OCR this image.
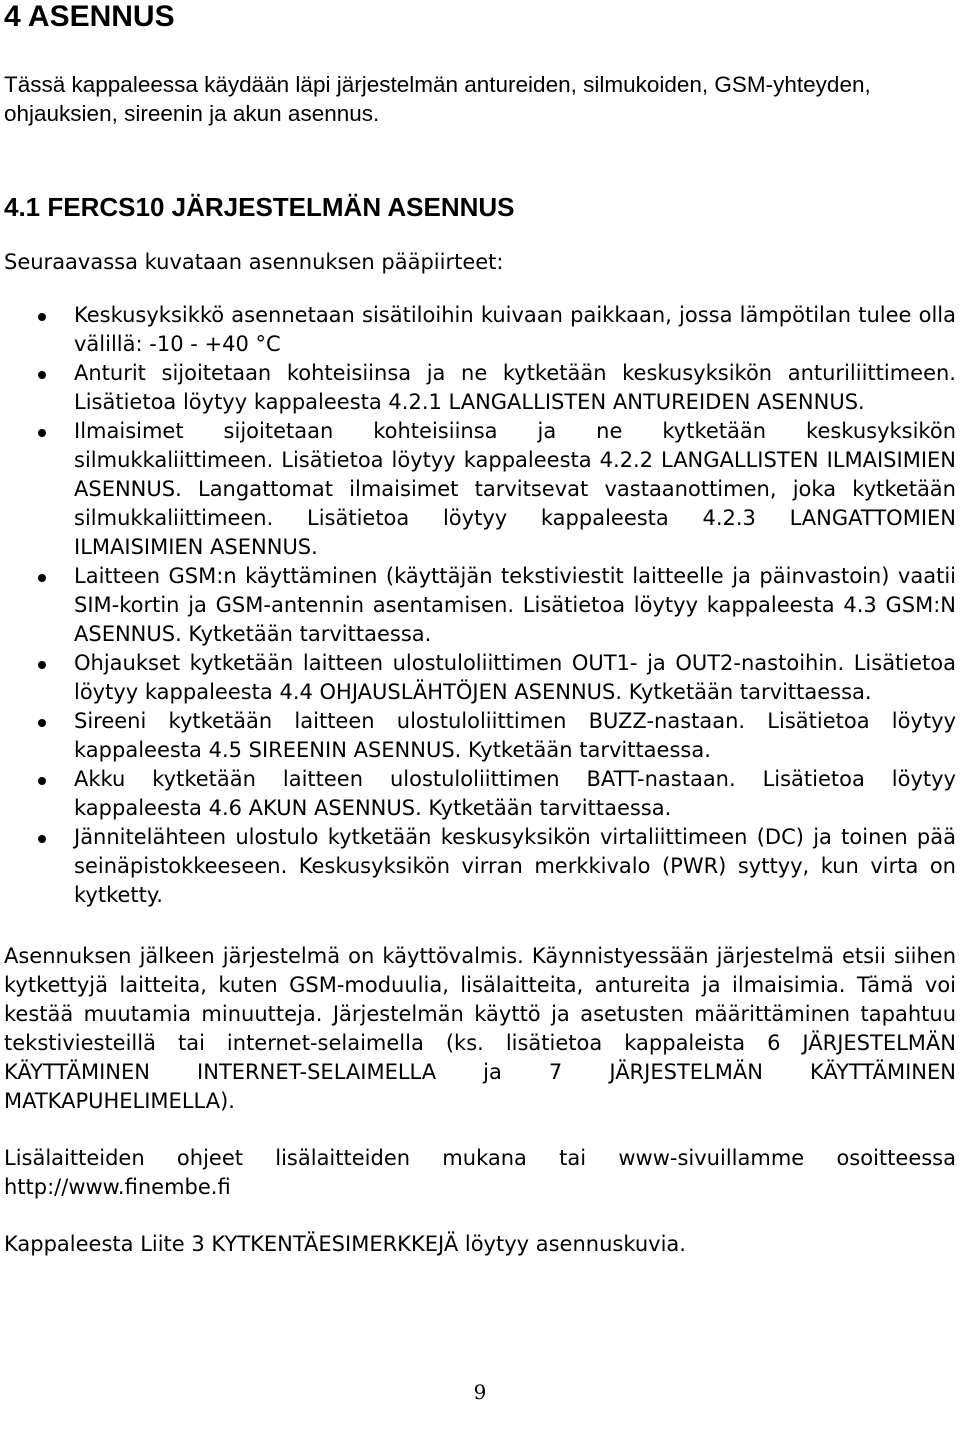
4 ASENNUS

Tässä kappaleessa käydään läpi järjestelmän antureiden, silmukoiden, GSM-yhteyden, ohjauksien, sireenin ja akun asennus.

4.1 FERCS10 JÄRJESTELMÄN ASENNUS

Seuraavassa kuvataan asennuksen pääpiirteet:

Keskusyksikkö asennetaan sisätiloihin kuivaan paikkaan, jossa lämpötilan tulee olla välillä: -10 - +40 °C
Anturit sijoitetaan kohteisiinsa ja ne kytketään keskusyksikön anturiliittimeen. Lisätietoa löytyy kappaleesta 4.2.1 LANGALLISTEN ANTUREIDEN ASENNUS.
Ilmaisimet sijoitetaan kohteisiinsa ja ne kytketään keskusyksikön silmukkaliittimeen. Lisätietoa löytyy kappaleesta 4.2.2 LANGALLISTEN ILMAISIMIEN ASENNUS. Langattomat ilmaisimet tarvitsevat vastaanottimen, joka kytketään silmukkaliittimeen. Lisätietoa löytyy kappaleesta 4.2.3 LANGATTOMIEN ILMAISIMIEN ASENNUS.
Laitteen GSM:n käyttäminen (käyttäjän tekstiviestit laitteelle ja päinvastoin) vaatii SIM-kortin ja GSM-antennin asentamisen. Lisätietoa löytyy kappaleesta 4.3 GSM:N ASENNUS. Kytketään tarvittaessa.
Ohjaukset kytketään laitteen ulostuloliittimen OUT1- ja OUT2-nastoihin. Lisätietoa löytyy kappaleesta 4.4 OHJAUSLÄHTÖJEN ASENNUS. Kytketään tarvittaessa.
Sireeni kytketään laitteen ulostuloliittimen BUZZ-nastaan. Lisätietoa löytyy kappaleesta 4.5 SIREENIN ASENNUS. Kytketään tarvittaessa.
Akku kytketään laitteen ulostuloliittimen BATT-nastaan. Lisätietoa löytyy kappaleesta 4.6 AKUN ASENNUS. Kytketään tarvittaessa.
Jännitelähteen ulostulo kytketään keskusyksikön virtaliittimeen (DC) ja toinen pää seinäpistokkeeseen. Keskusyksikön virran merkkivalo (PWR) syttyy, kun virta on kytketty.

Asennuksen jälkeen järjestelmä on käyttövalmis. Käynnistyessään järjestelmä etsii siihen kytkettyjä laitteita, kuten GSM-moduulia, lisälaitteita, antureita ja ilmaisimia. Tämä voi kestää muutamia minuutteja. Järjestelmän käyttö ja asetusten määrittäminen tapahtuu tekstiviesteillä tai internet-selaimella (ks. lisätietoa kappaleista 6 JÄRJESTELMÄN KÄYTTÄMINEN INTERNET-SELAIMELLA ja 7 JÄRJESTELMÄN KÄYTTÄMINEN MATKAPUHELIMELLA).

Lisälaitteiden ohjeet lisälaitteiden mukana tai www-sivuillamme osoitteessa http://www.finembe.fi

Kappaleesta Liite 3 KYTKENTÄESIMERKKEJÄ löytyy asennuskuvia.

9
